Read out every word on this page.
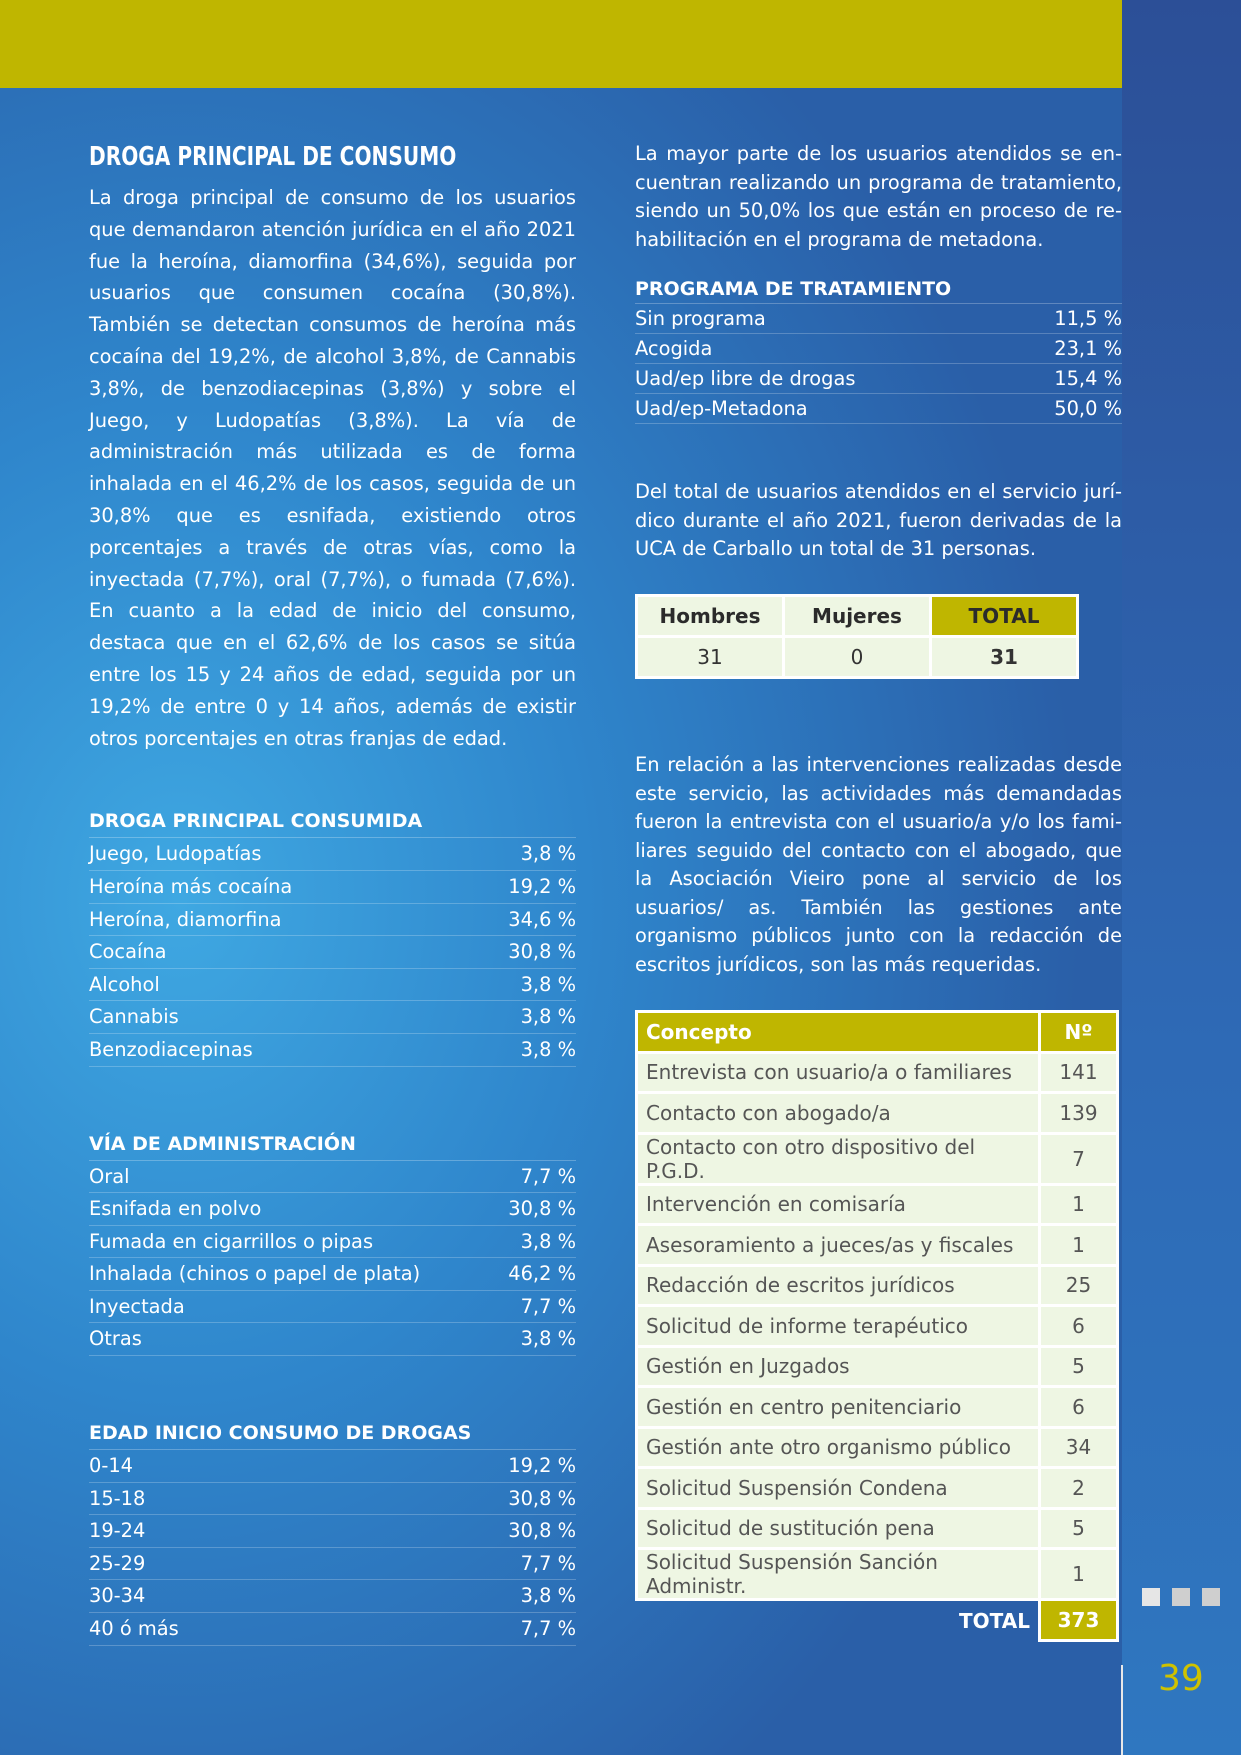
DROGA PRINCIPAL DE CONSUMO

La droga principal de consumo de los usuarios que demandaron atención jurídica en el año 2021 fue la heroína, diamorfina (34,6%), seguida por usuarios que consumen cocaína (30,8%). También se detectan consumos de heroína más cocaína del 19,2%, de alcohol 3,8%, de Cannabis 3,8%, de benzodiacepinas (3,8%) y sobre el Juego, y Ludopatías (3,8%). La vía de administración más utilizada es de forma inhalada en el 46,2% de los casos, seguida de un 30,8% que es esnifada, existiendo otros porcentajes a través de otras vías, como la inyectada (7,7%), oral (7,7%), o fumada (7,6%). En cuanto a la edad de inicio del consumo, destaca que en el 62,6% de los casos se sitúa entre los 15 y 24 años de edad, seguida por un 19,2% de entre 0 y 14 años, además de existir otros porcentajes en otras franjas de edad.

DROGA PRINCIPAL CONSUMIDA
Juego, Ludopatías	3,8 %
Heroína más cocaína	19,2 %
Heroína, diamorfina	34,6 %
Cocaína	30,8 %
Alcohol	3,8 %
Cannabis	3,8 %
Benzodiacepinas	3,8 %
VÍA DE ADMINISTRACIÓN
Oral	7,7 %
Esnifada en polvo	30,8 %
Fumada en cigarrillos o pipas	3,8 %
Inhalada (chinos o papel de plata)	46,2 %
Inyectada	7,7 %
Otras	3,8 %
EDAD INICIO CONSUMO DE DROGAS
0-14	19,2 %
15-18	30,8 %
19-24	30,8 %
25-29	7,7 %
30-34	3,8 %
40 ó más	7,7 %

La mayor parte de los usuarios atendidos se encuentran realizando un programa de tratamiento, siendo un 50,0% los que están en proceso de rehabilitación en el programa de metadona.

PROGRAMA DE TRATAMIENTO
Sin programa	11,5 %
Acogida	23,1 %
Uad/ep libre de drogas	15,4 %
Uad/ep-Metadona	50,0 %

Del total de usuarios atendidos en el servicio jurídico durante el año 2021, fueron derivadas de la UCA de Carballo un total de 31 personas.

Hombres	Mujeres	TOTAL
31	0	31

En relación a las intervenciones realizadas desde este servicio, las actividades más demandadas fueron la entrevista con el usuario/a y/o los familiares seguido del contacto con el abogado, que la Asociación Vieiro pone al servicio de los usuarios/ as. También las gestiones ante organismo públicos junto con la redacción de escritos jurídicos, son las más requeridas.

Concepto	Nº
Entrevista con usuario/a o familiares	141
Contacto con abogado/a	139
Contacto con otro dispositivo del P.G.D.	7
Intervención en comisaría	1
Asesoramiento a jueces/as y fiscales	1
Redacción de escritos jurídicos	25
Solicitud de informe terapéutico	6
Gestión en Juzgados	5
Gestión en centro penitenciario	6
Gestión ante otro organismo público	34
Solicitud Suspensión Condena	2
Solicitud de sustitución pena	5
Solicitud Suspensión Sanción Administr.	1
TOTAL	373
39
